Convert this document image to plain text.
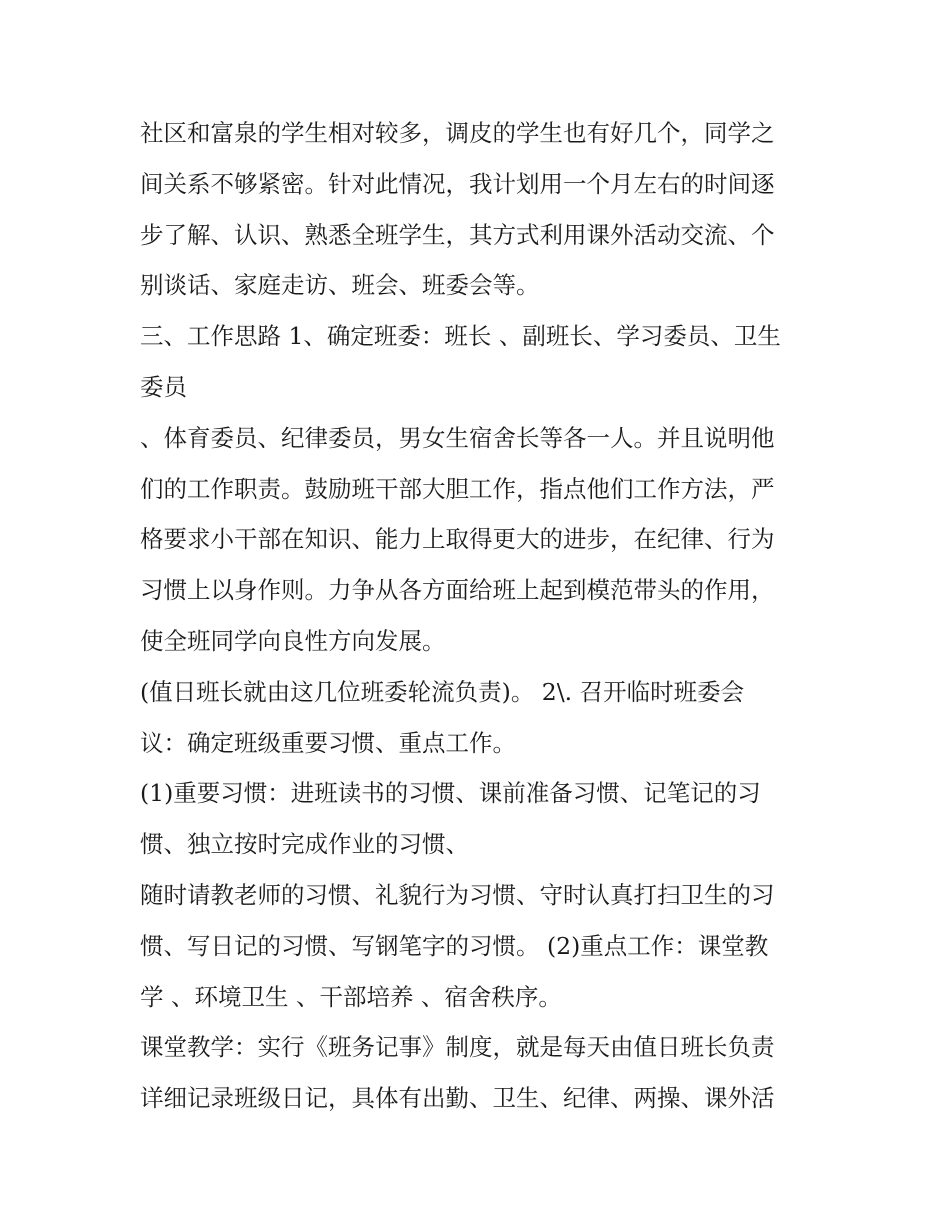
社区和富泉的学生相对较多，调皮的学生也有好几个，同学之
间关系不够紧密。针对此情况，我计划用一个月左右的时间逐
步了解、认识、熟悉全班学生，其方式利用课外活动交流、个
别谈话、家庭走访、班会、班委会等。
三、工作思路 1、确定班委：班长 、副班长、学习委员、卫生
委员
、体育委员、纪律委员，男女生宿舍长等各一人。并且说明他
们的工作职责。鼓励班干部大胆工作，指点他们工作方法，严
格要求小干部在知识、能力上取得更大的进步，在纪律、行为
习惯上以身作则。力争从各方面给班上起到模范带头的作用，
使全班同学向良性方向发展。
(值日班长就由这几位班委轮流负责)。 2\. 召开临时班委会
议：确定班级重要习惯、重点工作。
(1)重要习惯：进班读书的习惯、课前准备习惯、记笔记的习
惯、独立按时完成作业的习惯、
随时请教老师的习惯、礼貌行为习惯、守时认真打扫卫生的习
惯、写日记的习惯、写钢笔字的习惯。 (2)重点工作：课堂教
学 、环境卫生 、干部培养 、宿舍秩序。
课堂教学：实行《班务记事》制度，就是每天由值日班长负责
详细记录班级日记，具体有出勤、卫生、纪律、两操、课外活
